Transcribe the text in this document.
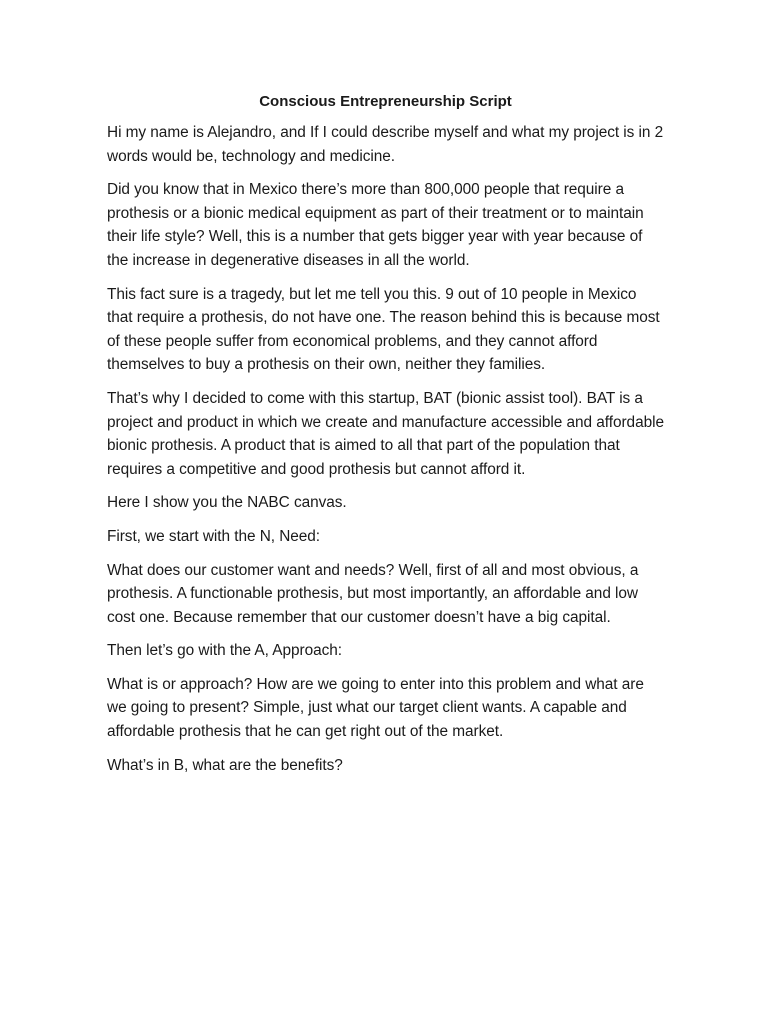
Conscious Entrepreneurship Script

Hi my name is Alejandro, and If I could describe myself and what my project is in 2 words would be, technology and medicine.

Did you know that in Mexico there’s more than 800,000 people that require a prothesis or a bionic medical equipment as part of their treatment or to maintain their life style? Well, this is a number that gets bigger year with year because of the increase in degenerative diseases in all the world.

This fact sure is a tragedy, but let me tell you this. 9 out of 10 people in Mexico that require a prothesis, do not have one. The reason behind this is because most of these people suffer from economical problems, and they cannot afford themselves to buy a prothesis on their own, neither they families.

That’s why I decided to come with this startup, BAT (bionic assist tool). BAT is a project and product in which we create and manufacture accessible and affordable bionic prothesis. A product that is aimed to all that part of the population that requires a competitive and good prothesis but cannot afford it.

Here I show you the NABC canvas.

First, we start with the N, Need:

What does our customer want and needs? Well, first of all and most obvious, a prothesis. A functionable prothesis, but most importantly, an affordable and low cost one. Because remember that our customer doesn’t have a big capital.

Then let’s go with the A, Approach:

What is or approach? How are we going to enter into this problem and what are we going to present? Simple, just what our target client wants. A capable and affordable prothesis that he can get right out of the market.

What’s in B, what are the benefits?
